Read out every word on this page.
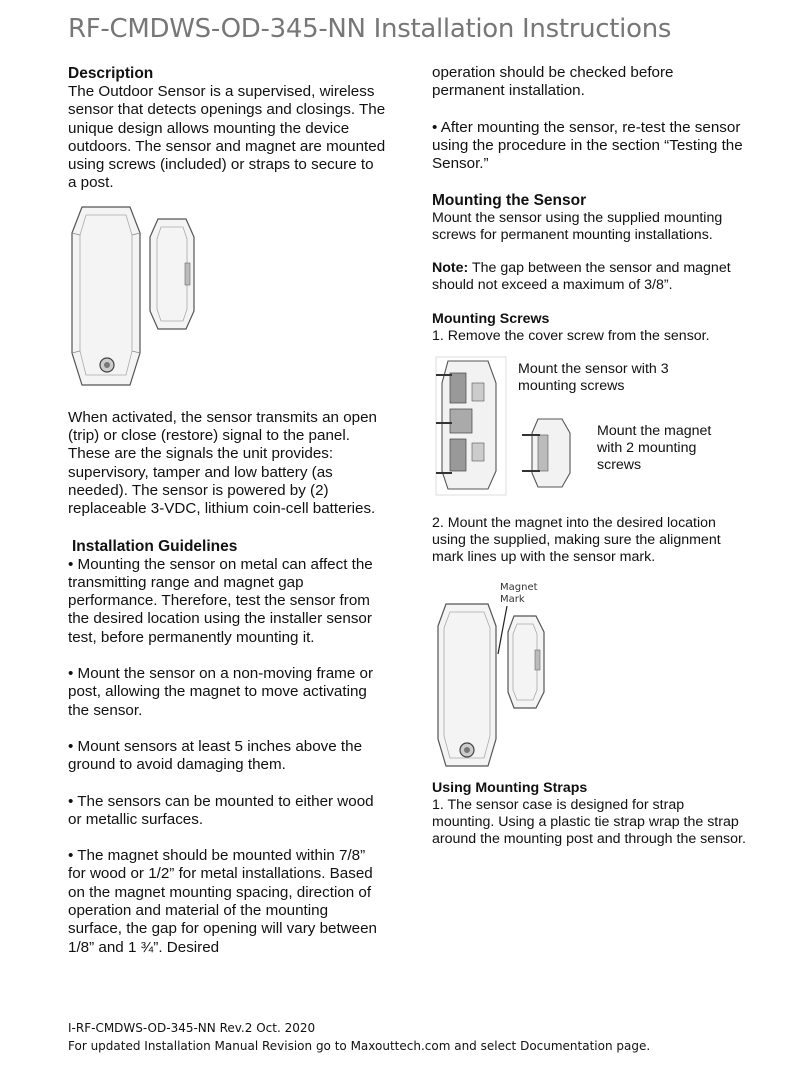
RF-CMDWS-OD-345-NN Installation Instructions

Description

The Outdoor Sensor is a supervised, wireless sensor that detects openings and closings. The unique design allows mounting the device outdoors. The sensor and magnet are mounted using screws (included) or straps to secure to a post.

When activated, the sensor transmits an open (trip) or close (restore) signal to the panel. These are the signals the unit provides: supervisory, tamper and low battery (as needed). The sensor is powered by (2) replaceable 3-VDC, lithium coin-cell batteries.

Installation Guidelines

• Mounting the sensor on metal can affect the transmitting range and magnet gap performance. Therefore, test the sensor from the desired location using the installer sensor test, before permanently mounting it.

• Mount the sensor on a non-moving frame or post, allowing the magnet to move activating the sensor.

• Mount sensors at least 5 inches above the ground to avoid damaging them.

• The sensors can be mounted to either wood or metallic surfaces.

• The magnet should be mounted within 7/8” for wood or 1/2” for metal installations. Based on the magnet mounting spacing, direction of operation and material of the mounting surface, the gap for opening will vary between 1/8” and 1 ¾”. Desired

operation should be checked before permanent installation.

• After mounting the sensor, re-test the sensor using the procedure in the section “Testing the Sensor.”

Mounting the Sensor

Mount the sensor using the supplied mounting screws for permanent mounting installations.

Note: The gap between the sensor and magnet should not exceed a maximum of 3/8”.

Mounting Screws

1. Remove the cover screw from the sensor.

Mount the sensor with 3 mounting screws
Mount the magnet with 2 mounting screws

2. Mount the magnet into the desired location using the supplied, making sure the alignment mark lines up with the sensor mark.

Magnet
Mark

Using Mounting Straps

1. The sensor case is designed for strap mounting. Using a plastic tie strap wrap the strap around the mounting post and through the sensor.

I-RF-CMDWS-OD-345-NN Rev.2 Oct. 2020
For updated Installation Manual Revision go to Maxouttech.com and select Documentation page.
